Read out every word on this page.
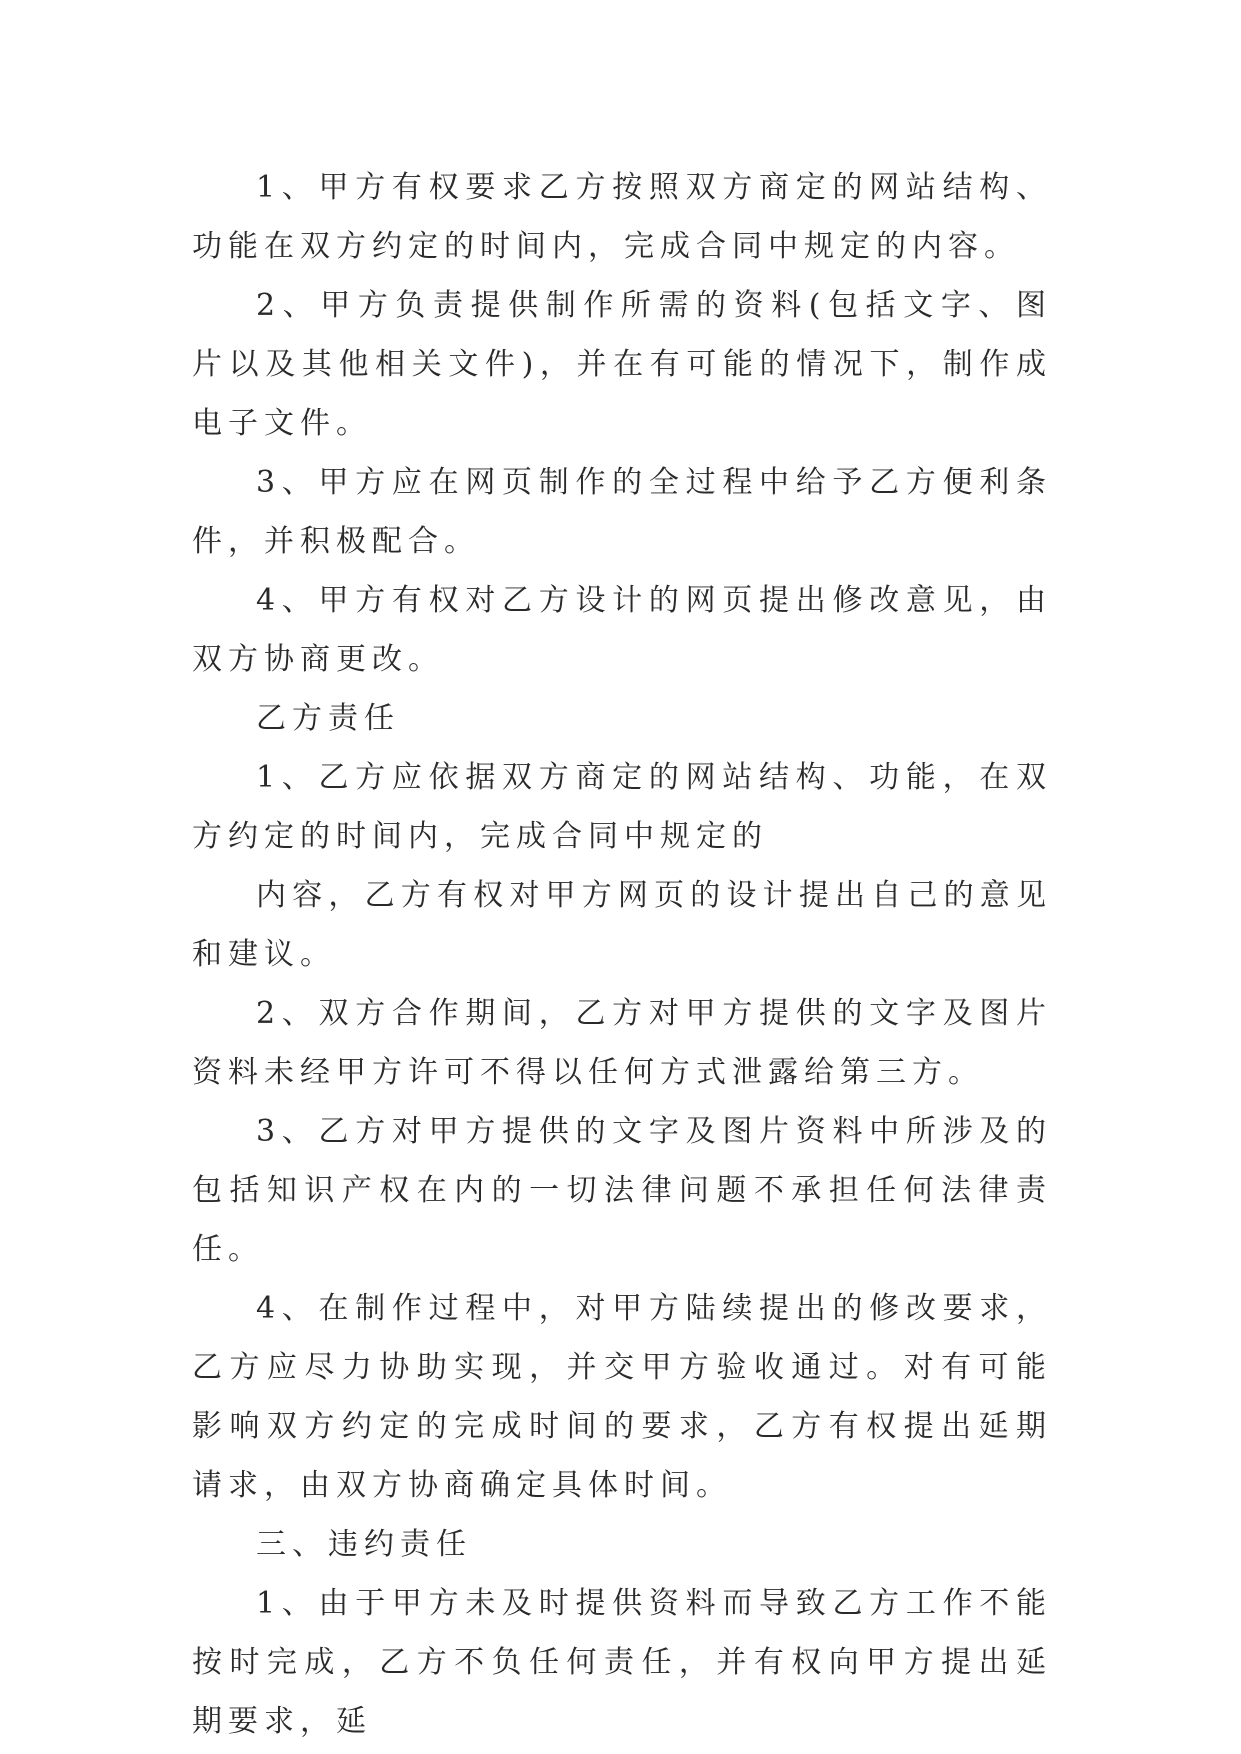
1、甲方有权要求乙方按照双方商定的网站结构、功能在双方约定的时间内，完成合同中规定的内容。

2、甲方负责提供制作所需的资料(包括文字、图片以及其他相关文件)，并在有可能的情况下，制作成电子文件。

3、甲方应在网页制作的全过程中给予乙方便利条件，并积极配合。

4、甲方有权对乙方设计的网页提出修改意见，由双方协商更改。

乙方责任

1、乙方应依据双方商定的网站结构、功能，在双方约定的时间内，完成合同中规定的

内容，乙方有权对甲方网页的设计提出自己的意见和建议。

2、双方合作期间，乙方对甲方提供的文字及图片资料未经甲方许可不得以任何方式泄露给第三方。

3、乙方对甲方提供的文字及图片资料中所涉及的包括知识产权在内的一切法律问题不承担任何法律责任。

4、在制作过程中，对甲方陆续提出的修改要求，乙方应尽力协助实现，并交甲方验收通过。对有可能影响双方约定的完成时间的要求，乙方有权提出延期请求，由双方协商确定具体时间。

三、违约责任

1、由于甲方未及时提供资料而导致乙方工作不能按时完成，乙方不负任何责任，并有权向甲方提出延期要求，延
